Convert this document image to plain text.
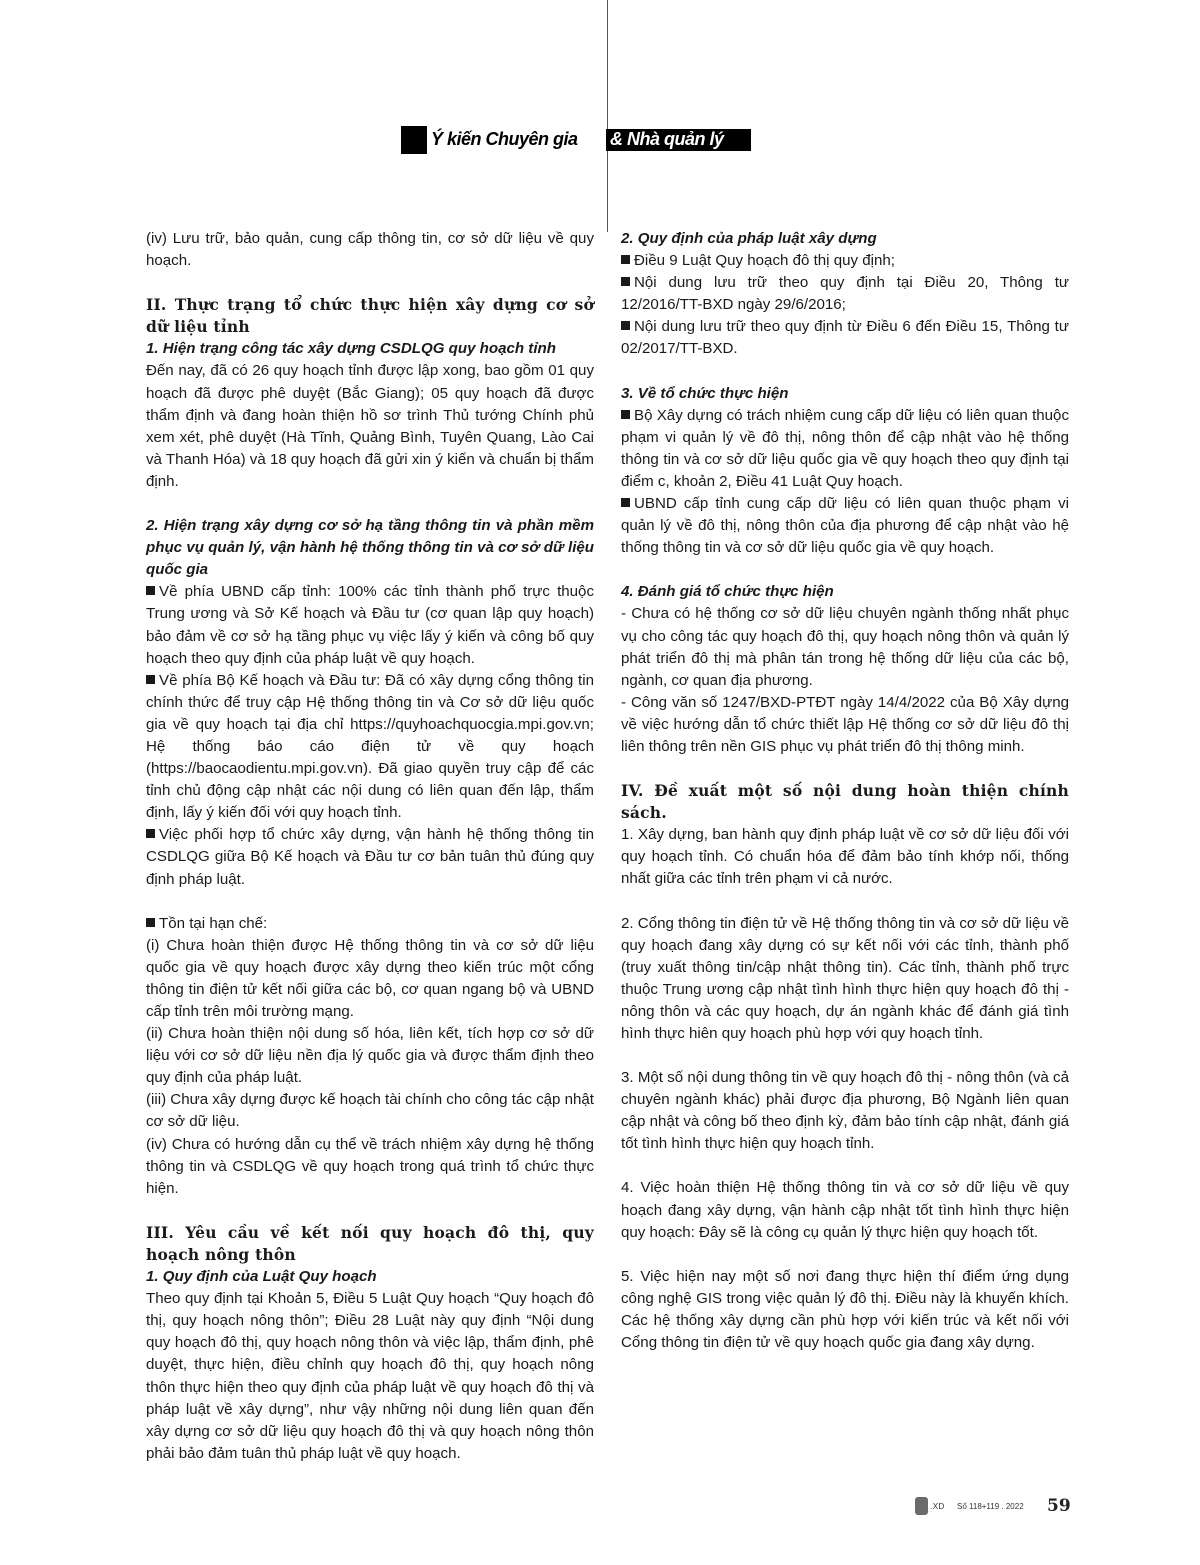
Ý kiến Chuyên gia & Nhà quản lý

(iv) Lưu trữ, bảo quản, cung cấp thông tin, cơ sở dữ liệu về quy hoạch.

II. Thực trạng tổ chức thực hiện xây dựng cơ sở dữ liệu tỉnh

1. Hiện trạng công tác xây dựng CSDLQG quy hoạch tỉnh

Đến nay, đã có 26 quy hoạch tỉnh được lập xong, bao gồm 01 quy hoạch đã được phê duyệt (Bắc Giang); 05 quy hoạch đã được thẩm định và đang hoàn thiện hồ sơ trình Thủ tướng Chính phủ xem xét, phê duyệt (Hà Tĩnh, Quảng Bình, Tuyên Quang, Lào Cai và Thanh Hóa) và 18 quy hoạch đã gửi xin ý kiến và chuẩn bị thẩm định.

2. Hiện trạng xây dựng cơ sở hạ tầng thông tin và phần mềm phục vụ quản lý, vận hành hệ thống thông tin và cơ sở dữ liệu quốc gia

Về phía UBND cấp tỉnh: 100% các tỉnh thành phố trực thuộc Trung ương và Sở Kế hoạch và Đầu tư (cơ quan lập quy hoạch) bảo đảm về cơ sở hạ tầng phục vụ việc lấy ý kiến và công bố quy hoạch theo quy định của pháp luật về quy hoạch.

Về phía Bộ Kế hoạch và Đầu tư: Đã có xây dựng cổng thông tin chính thức để truy cập Hệ thống thông tin và Cơ sở dữ liệu quốc gia về quy hoạch tại địa chỉ https://quyhoachquocgia.mpi.gov.vn; Hệ thống báo cáo điện tử về quy hoạch (https://baocaodientu.mpi.gov.vn). Đã giao quyền truy cập để các tỉnh chủ động cập nhật các nội dung có liên quan đến lập, thẩm định, lấy ý kiến đối với quy hoạch tỉnh.

Việc phối hợp tổ chức xây dựng, vận hành hệ thống thông tin CSDLQG giữa Bộ Kế hoạch và Đầu tư cơ bản tuân thủ đúng quy định pháp luật.

Tồn tại hạn chế:

(i) Chưa hoàn thiện được Hệ thống thông tin và cơ sở dữ liệu quốc gia về quy hoạch được xây dựng theo kiến trúc một cổng thông tin điện tử kết nối giữa các bộ, cơ quan ngang bộ và UBND cấp tỉnh trên môi trường mạng.

(ii) Chưa hoàn thiện nội dung số hóa, liên kết, tích hợp cơ sở dữ liệu với cơ sở dữ liệu nền địa lý quốc gia và được thẩm định theo quy định của pháp luật.

(iii) Chưa xây dựng được kế hoạch tài chính cho công tác cập nhật cơ sở dữ liệu.

(iv) Chưa có hướng dẫn cụ thể về trách nhiệm xây dựng hệ thống thông tin và CSDLQG về quy hoạch trong quá trình tổ chức thực hiện.

III. Yêu cầu về kết nối quy hoạch đô thị, quy hoạch nông thôn

1. Quy định của Luật Quy hoạch

Theo quy định tại Khoản 5, Điều 5 Luật Quy hoạch “Quy hoạch đô thị, quy hoạch nông thôn”; Điều 28 Luật này quy định “Nội dung quy hoạch đô thị, quy hoạch nông thôn và việc lập, thẩm định, phê duyệt, thực hiện, điều chỉnh quy hoạch đô thị, quy hoạch nông thôn thực hiện theo quy định của pháp luật về quy hoạch đô thị và pháp luật về xây dựng”, như vậy những nội dung liên quan đến xây dựng cơ sở dữ liệu quy hoạch đô thị và quy hoạch nông thôn phải bảo đảm tuân thủ pháp luật về quy hoạch.

2. Quy định của pháp luật xây dựng

Điều 9 Luật Quy hoạch đô thị quy định;

Nội dung lưu trữ theo quy định tại Điều 20, Thông tư 12/2016/TT-BXD ngày 29/6/2016;

Nội dung lưu trữ theo quy định từ Điều 6 đến Điều 15, Thông tư 02/2017/TT-BXD.

3. Về tổ chức thực hiện

Bộ Xây dựng có trách nhiệm cung cấp dữ liệu có liên quan thuộc phạm vi quản lý về đô thị, nông thôn để cập nhật vào hệ thống thông tin và cơ sở dữ liệu quốc gia về quy hoạch theo quy định tại điểm c, khoản 2, Điều 41 Luật Quy hoạch.

UBND cấp tỉnh cung cấp dữ liệu có liên quan thuộc phạm vi quản lý về đô thị, nông thôn của địa phương để cập nhật vào hệ thống thông tin và cơ sở dữ liệu quốc gia về quy hoạch.

4. Đánh giá tổ chức thực hiện

- Chưa có hệ thống cơ sở dữ liệu chuyên ngành thống nhất phục vụ cho công tác quy hoạch đô thị, quy hoạch nông thôn và quản lý phát triển đô thị mà phân tán trong hệ thống dữ liệu của các bộ, ngành, cơ quan địa phương.

- Công văn số 1247/BXD-PTĐT ngày 14/4/2022 của Bộ Xây dựng về việc hướng dẫn tổ chức thiết lập Hệ thống cơ sở dữ liệu đô thị liên thông trên nền GIS phục vụ phát triển đô thị thông minh.

IV. Đề xuất một số nội dung hoàn thiện chính sách.

1. Xây dựng, ban hành quy định pháp luật về cơ sở dữ liệu đối với quy hoạch tỉnh. Có chuẩn hóa để đảm bảo tính khớp nối, thống nhất giữa các tỉnh trên phạm vi cả nước.

2. Cổng thông tin điện tử về Hệ thống thông tin và cơ sở dữ liệu về quy hoạch đang xây dựng có sự kết nối với các tỉnh, thành phố (truy xuất thông tin/cập nhật thông tin). Các tỉnh, thành phố trực thuộc Trung ương cập nhật tình hình thực hiện quy hoạch đô thị - nông thôn và các quy hoạch, dự án ngành khác để đánh giá tình hình thực hiên quy hoạch phù hợp với quy hoạch tỉnh.

3. Một số nội dung thông tin về quy hoạch đô thị - nông thôn (và cả chuyên ngành khác) phải được địa phương, Bộ Ngành liên quan cập nhật và công bố theo định kỳ, đảm bảo tính cập nhật, đánh giá tốt tình hình thực hiện quy hoạch tỉnh.

4. Việc hoàn thiện Hệ thống thông tin và cơ sở dữ liệu về quy hoạch đang xây dựng, vận hành cập nhật tốt tình hình thực hiện quy hoạch: Đây sẽ là công cụ quản lý thực hiện quy hoạch tốt.

5. Việc hiện nay một số nơi đang thực hiện thí điểm ứng dụng công nghệ GIS trong việc quản lý đô thị. Điều này là khuyến khích. Các hệ thống xây dựng cần phù hợp với kiến trúc và kết nối với Cổng thông tin điện tử về quy hoạch quốc gia đang xây dựng.

.XD Số 118+119 . 2022 59
